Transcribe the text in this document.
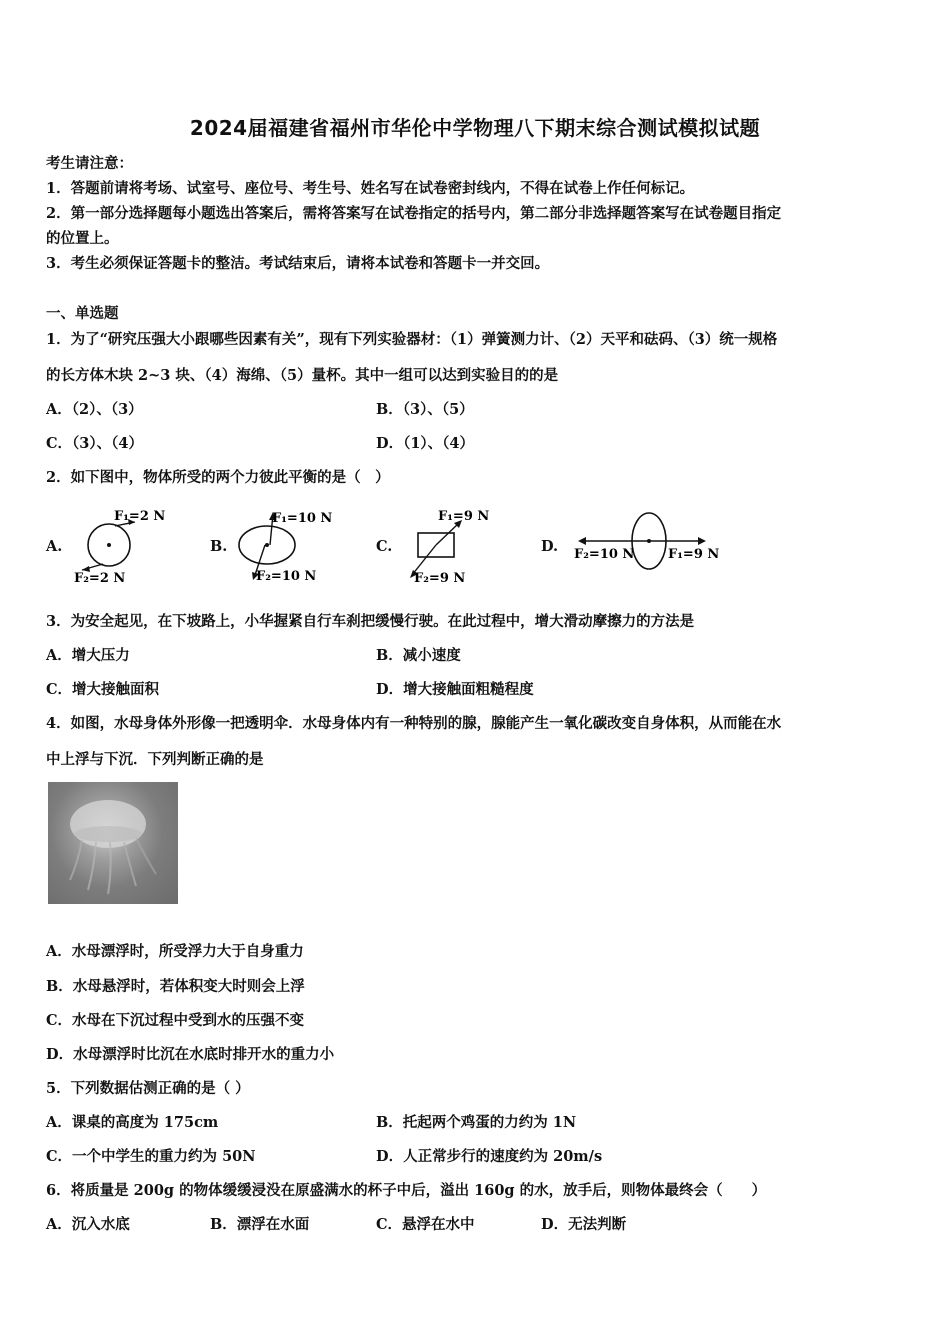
2024届福建省福州市华伦中学物理八下期末综合测试模拟试题
考生请注意：
1．答题前请将考场、试室号、座位号、考生号、姓名写在试卷密封线内，不得在试卷上作任何标记。
2．第一部分选择题每小题选出答案后，需将答案写在试卷指定的括号内，第二部分非选择题答案写在试卷题目指定
的位置上。
3．考生必须保证答题卡的整洁。考试结束后，请将本试卷和答题卡一并交回。
一、单选题
1．为了“研究压强大小跟哪些因素有关”，现有下列实验器材：（1）弹簧测力计、（2）天平和砝码、（3）统一规格
的长方体木块 2~3 块、（4）海绵、（5）量杯。其中一组可以达到实验目的的是
A．（2）、（3）	B．（3）、（5）
C．（3）、（4）	D．（1）、（4）
2．如下图中，物体所受的两个力彼此平衡的是（　）
A.
F₁=2 N
F₂=2 N
B.
F₁=10 N
F₂=10 N
C.
F₁=9 N
F₂=9 N
D. F₂=10 N	F₁=9 N
3．为安全起见，在下坡路上，小华握紧自行车刹把缓慢行驶。在此过程中，增大滑动摩擦力的方法是
A．增大压力	B．减小速度
C．增大接触面积	D．增大接触面粗糙程度
4．如图，水母身体外形像一把透明伞．水母身体内有一种特别的腺，腺能产生一氧化碳改变自身体积，从而能在水
中上浮与下沉．下列判断正确的是
A．水母漂浮时，所受浮力大于自身重力
B．水母悬浮时，若体积变大时则会上浮
C．水母在下沉过程中受到水的压强不变
D．水母漂浮时比沉在水底时排开水的重力小
5．下列数据估测正确的是（ ）
A．课桌的高度为 175cm	B．托起两个鸡蛋的力约为 1N
C．一个中学生的重力约为 50N	D．人正常步行的速度约为 20m/s
6．将质量是 200g 的物体缓缓浸没在原盛满水的杯子中后，溢出 160g 的水，放手后，则物体最终会（　　）
A．沉入水底	B．漂浮在水面	C．悬浮在水中	D．无法判断
